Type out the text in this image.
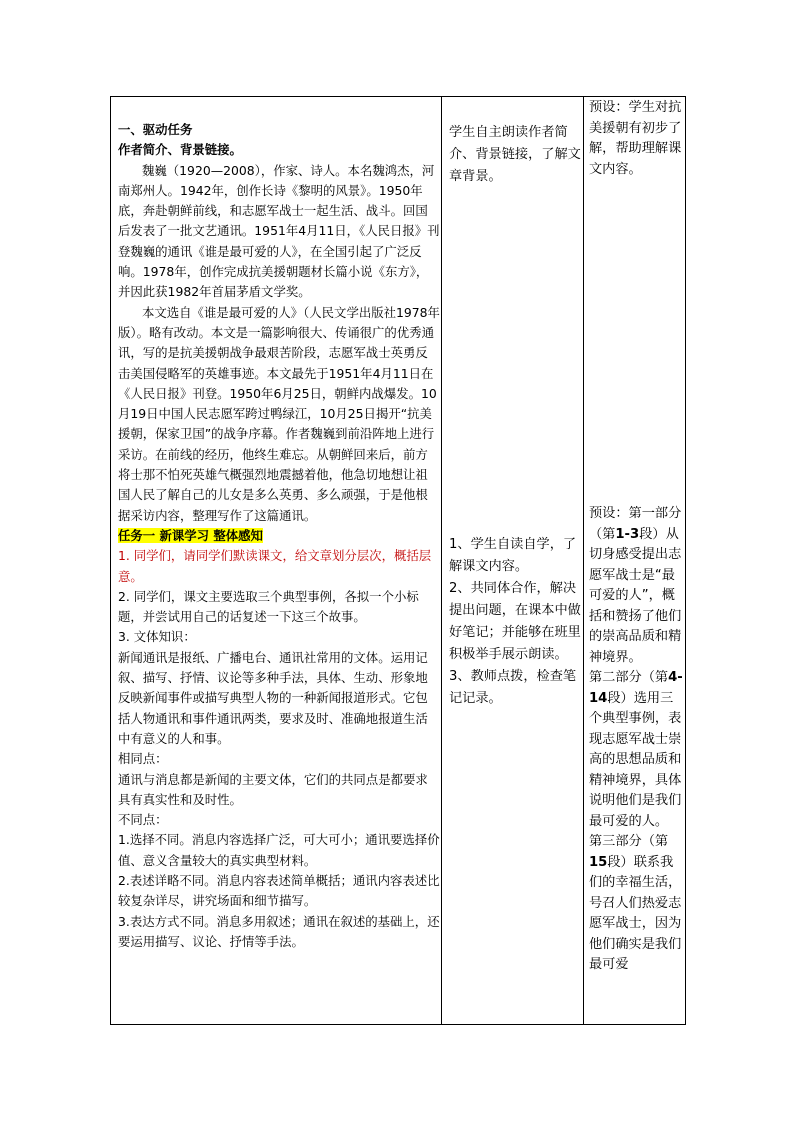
一、驱动任务

作者简介、背景链接。

魏巍（1920—2008），作家、诗人。本名魏鸿杰，河南郑州人。1942年，创作长诗《黎明的风景》。1950年底，奔赴朝鲜前线，和志愿军战士一起生活、战斗。回国后发表了一批文艺通讯。1951年4月11日，《人民日报》刊登魏巍的通讯《谁是最可爱的人》，在全国引起了广泛反响。1978年，创作完成抗美援朝题材长篇小说《东方》，并因此获1982年首届茅盾文学奖。

本文选自《谁是最可爱的人》（人民文学出版社1978年版）。略有改动。本文是一篇影响很大、传诵很广的优秀通讯，写的是抗美援朝战争最艰苦阶段，志愿军战士英勇反击美国侵略军的英雄事迹。本文最先于1951年4月11日在《人民日报》刊登。1950年6月25日，朝鲜内战爆发。10月19日中国人民志愿军跨过鸭绿江，10月25日揭开“抗美援朝，保家卫国”的战争序幕。作者魏巍到前沿阵地上进行采访。在前线的经历，他终生难忘。从朝鲜回来后，前方将士那不怕死英雄气概强烈地震撼着他，他急切地想让祖国人民了解自己的儿女是多么英勇、多么顽强，于是他根据采访内容，整理写作了这篇通讯。

任务一 新课学习 整体感知

1. 同学们，请同学们默读课文，给文章划分层次，概括层意。

2. 同学们，课文主要选取三个典型事例，各拟一个小标题，并尝试用自己的话复述一下这三个故事。

3. 文体知识：

新闻通讯是报纸、广播电台、通讯社常用的文体。运用记叙、描写、抒情、议论等多种手法，具体、生动、形象地反映新闻事件或描写典型人物的一种新闻报道形式。它包括人物通讯和事件通讯两类，要求及时、准确地报道生活中有意义的人和事。

相同点：

通讯与消息都是新闻的主要文体，它们的共同点是都要求具有真实性和及时性。

不同点：

1.选择不同。消息内容选择广泛，可大可小；通讯要选择价值、意义含量较大的真实典型材料。

2.表述详略不同。消息内容表述简单概括；通讯内容表述比较复杂详尽，讲究场面和细节描写。

3.表达方式不同。消息多用叙述；通讯在叙述的基础上，还要运用描写、议论、抒情等手法。

学生自主朗读作者简介、背景链接，了解文章背景。

1、学生自读自学，了解课文内容。

2、共同体合作，解决提出问题，在课本中做好笔记；并能够在班里积极举手展示朗读。

3、教师点拨，检查笔记记录。

预设：学生对抗美援朝有初步了解，帮助理解课文内容。

预设：第一部分（第1-3段）从切身感受提出志愿军战士是“最可爱的人”，概括和赞扬了他们的崇高品质和精神境界。

第二部分（第4-14段）选用三个典型事例，表现志愿军战士崇高的思想品质和精神境界，具体说明他们是我们最可爱的人。

第三部分（第15段）联系我们的幸福生活，号召人们热爱志愿军战士，因为他们确实是我们最可爱
